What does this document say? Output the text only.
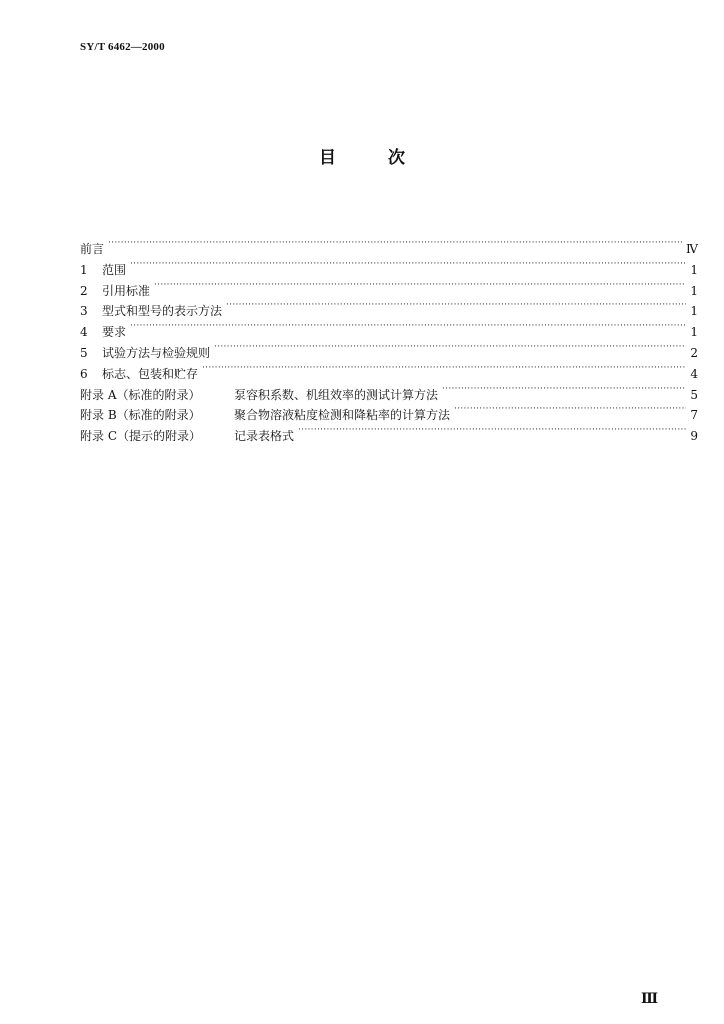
SY/T 6462—2000
目	次
前言 ·····	Ⅳ
1	范围 ·····	1
2	引用标准 ·····	1
3	型式和型号的表示方法 ·····	1
4	要求 ·····	1
5	试验方法与检验规则 ·····	2
6	标志、包装和贮存 ·····	4
附录 A（标准的附录）	泵容积系数、机组效率的测试计算方法 ·····	5
附录 B（标准的附录）	聚合物溶液粘度检测和降粘率的计算方法 ·····	7
附录 C（提示的附录）	记录表格式 ·····	9
Ⅲ
